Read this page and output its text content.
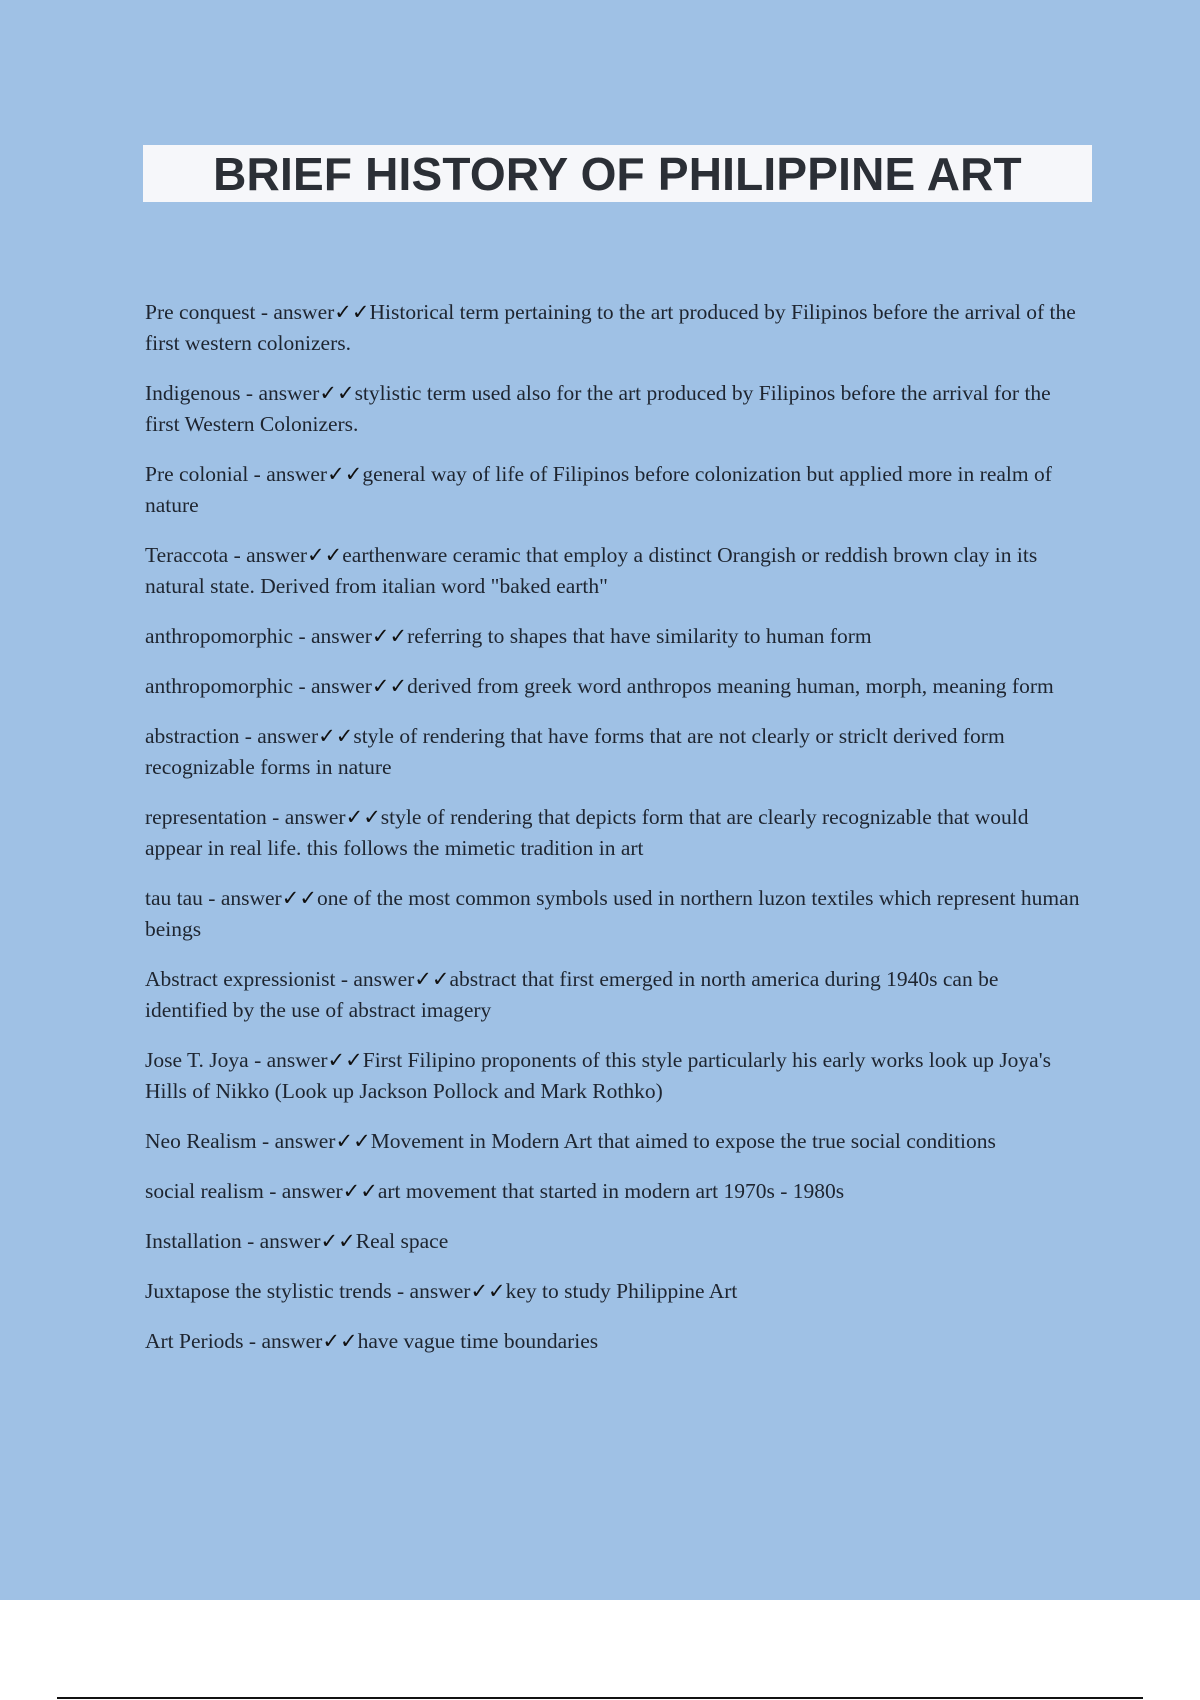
BRIEF HISTORY OF PHILIPPINE ART

Pre conquest - answer✓✓Historical term pertaining to the art produced by Filipinos before the arrival of the first western colonizers.

Indigenous - answer✓✓stylistic term used also for the art produced by Filipinos before the arrival for the first Western Colonizers.

Pre colonial - answer✓✓general way of life of Filipinos before colonization but applied more in realm of nature

Teraccota - answer✓✓earthenware ceramic that employ a distinct Orangish or reddish brown clay in its natural state. Derived from italian word "baked earth"

anthropomorphic - answer✓✓referring to shapes that have similarity to human form

anthropomorphic - answer✓✓derived from greek word anthropos meaning human, morph, meaning form

abstraction - answer✓✓style of rendering that have forms that are not clearly or striclt derived form recognizable forms in nature

representation - answer✓✓style of rendering that depicts form that are clearly recognizable that would appear in real life. this follows the mimetic tradition in art

tau tau - answer✓✓one of the most common symbols used in northern luzon textiles which represent human beings

Abstract expressionist - answer✓✓abstract that first emerged in north america during 1940s can be identified by the use of abstract imagery

Jose T. Joya - answer✓✓First Filipino proponents of this style particularly his early works look up Joya's Hills of Nikko (Look up Jackson Pollock and Mark Rothko)

Neo Realism - answer✓✓Movement in Modern Art that aimed to expose the true social conditions

social realism - answer✓✓art movement that started in modern art 1970s - 1980s

Installation - answer✓✓Real space

Juxtapose the stylistic trends - answer✓✓key to study Philippine Art

Art Periods - answer✓✓have vague time boundaries
